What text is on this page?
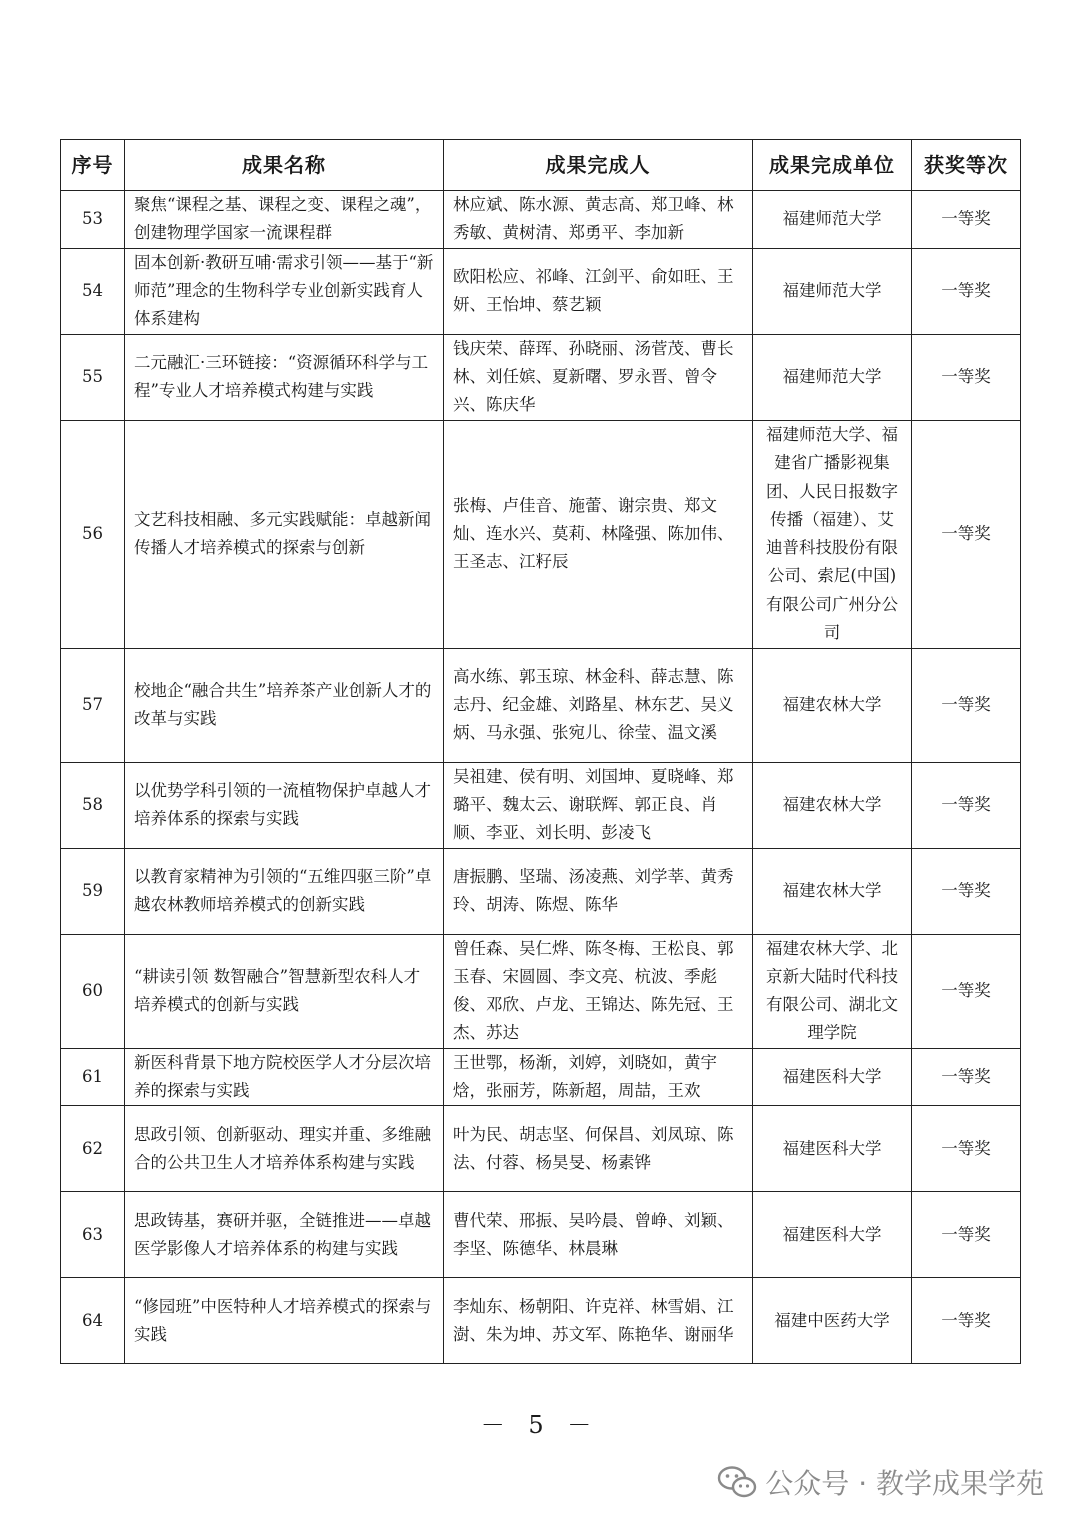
序号	成果名称	成果完成人	成果完成单位	获奖等次
53	聚焦“课程之基、课程之变、课程之魂”，创建物理学国家一流课程群	林应斌、陈水源、黄志高、郑卫峰、林秀敏、黄树清、郑勇平、李加新	福建师范大学	一等奖
54	固本创新·教研互哺·需求引领——基于“新师范”理念的生物科学专业创新实践育人体系建构	欧阳松应、祁峰、江剑平、俞如旺、王妍、王怡坤、蔡艺颖	福建师范大学	一等奖
55	二元融汇·三环链接：“资源循环科学与工程”专业人才培养模式构建与实践	钱庆荣、薛珲、孙晓丽、汤菅茂、曹长林、刘任嫔、夏新曙、罗永晋、曾令兴、陈庆华	福建师范大学	一等奖
56	文艺科技相融、多元实践赋能：卓越新闻传播人才培养模式的探索与创新	张梅、卢佳音、施蕾、谢宗贵、郑文灿、连水兴、莫莉、林隆强、陈加伟、王圣志、江籽辰	福建师范大学、福建省广播影视集团、人民日报数字传播（福建）、艾迪普科技股份有限公司、索尼(中国)有限公司广州分公司	一等奖
57	校地企“融合共生”培养茶产业创新人才的改革与实践	高水练、郭玉琼、林金科、薛志慧、陈志丹、纪金雄、刘路星、林东艺、吴义炳、马永强、张宛儿、徐莹、温文溪	福建农林大学	一等奖
58	以优势学科引领的一流植物保护卓越人才培养体系的探索与实践	吴祖建、侯有明、刘国坤、夏晓峰、郑璐平、魏太云、谢联辉、郭正良、肖顺、李亚、刘长明、彭凌飞	福建农林大学	一等奖
59	以教育家精神为引领的“五维四驱三阶”卓越农林教师培养模式的创新实践	唐振鹏、坚瑞、汤凌燕、刘学莘、黄秀玲、胡涛、陈煜、陈华	福建农林大学	一等奖
60	“耕读引领 数智融合”智慧新型农科人才培养模式的创新与实践	曾任森、吴仁烨、陈冬梅、王松良、郭玉春、宋圆圆、李文亮、杭波、季彪俊、邓欣、卢龙、王锦达、陈先冠、王杰、苏达	福建农林大学、北京新大陆时代科技有限公司、湖北文理学院	一等奖
61	新医科背景下地方院校医学人才分层次培养的探索与实践	王世鄂，杨渐，刘婷，刘晓如，黄宇焓，张丽芳，陈新超，周喆，王欢	福建医科大学	一等奖
62	思政引领、创新驱动、理实并重、多维融合的公共卫生人才培养体系构建与实践	叶为民、胡志坚、何保昌、刘凤琼、陈法、付蓉、杨昊旻、杨素铧	福建医科大学	一等奖
63	思政铸基，赛研并驱，全链推进——卓越医学影像人才培养体系的构建与实践	曹代荣、邢振、吴吟晨、曾峥、刘颖、李坚、陈德华、林晨琳	福建医科大学	一等奖
64	“修园班”中医特种人才培养模式的探索与实践	李灿东、杨朝阳、许克祥、林雪娟、江澍、朱为坤、苏文军、陈艳华、谢丽华	福建中医药大学	一等奖
－ 5 －
公众号 · 教学成果学苑
